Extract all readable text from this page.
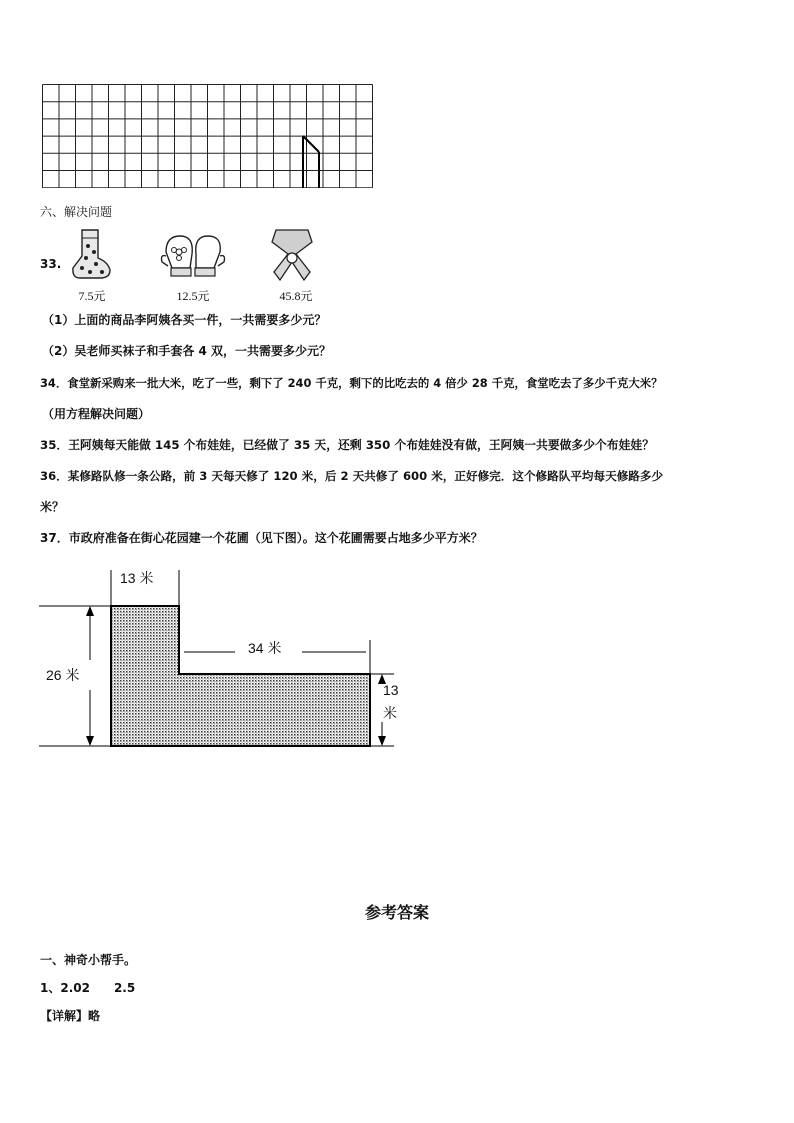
六、解决问题
33.
7.5元	12.5元	45.8元
（1）上面的商品李阿姨各买一件，一共需要多少元？
（2）吴老师买袜子和手套各 4 双，一共需要多少元？
34．食堂新采购来一批大米，吃了一些，剩下了 240 千克，剩下的比吃去的 4 倍少 28 千克，食堂吃去了多少千克大米？
（用方程解决问题）
35．王阿姨每天能做 145 个布娃娃，已经做了 35 天，还剩 350 个布娃娃没有做，王阿姨一共要做多少个布娃娃？
36．某修路队修一条公路，前 3 天每天修了 120 米，后 2 天共修了 600 米，正好修完．这个修路队平均每天修路多少
米？
37．市政府准备在街心花园建一个花圃（见下图）。这个花圃需要占地多少平方米？
13 米
34 米
26 米
13
米
参考答案
一、神奇小帮手。
1、2.02　　2.5
【详解】略
